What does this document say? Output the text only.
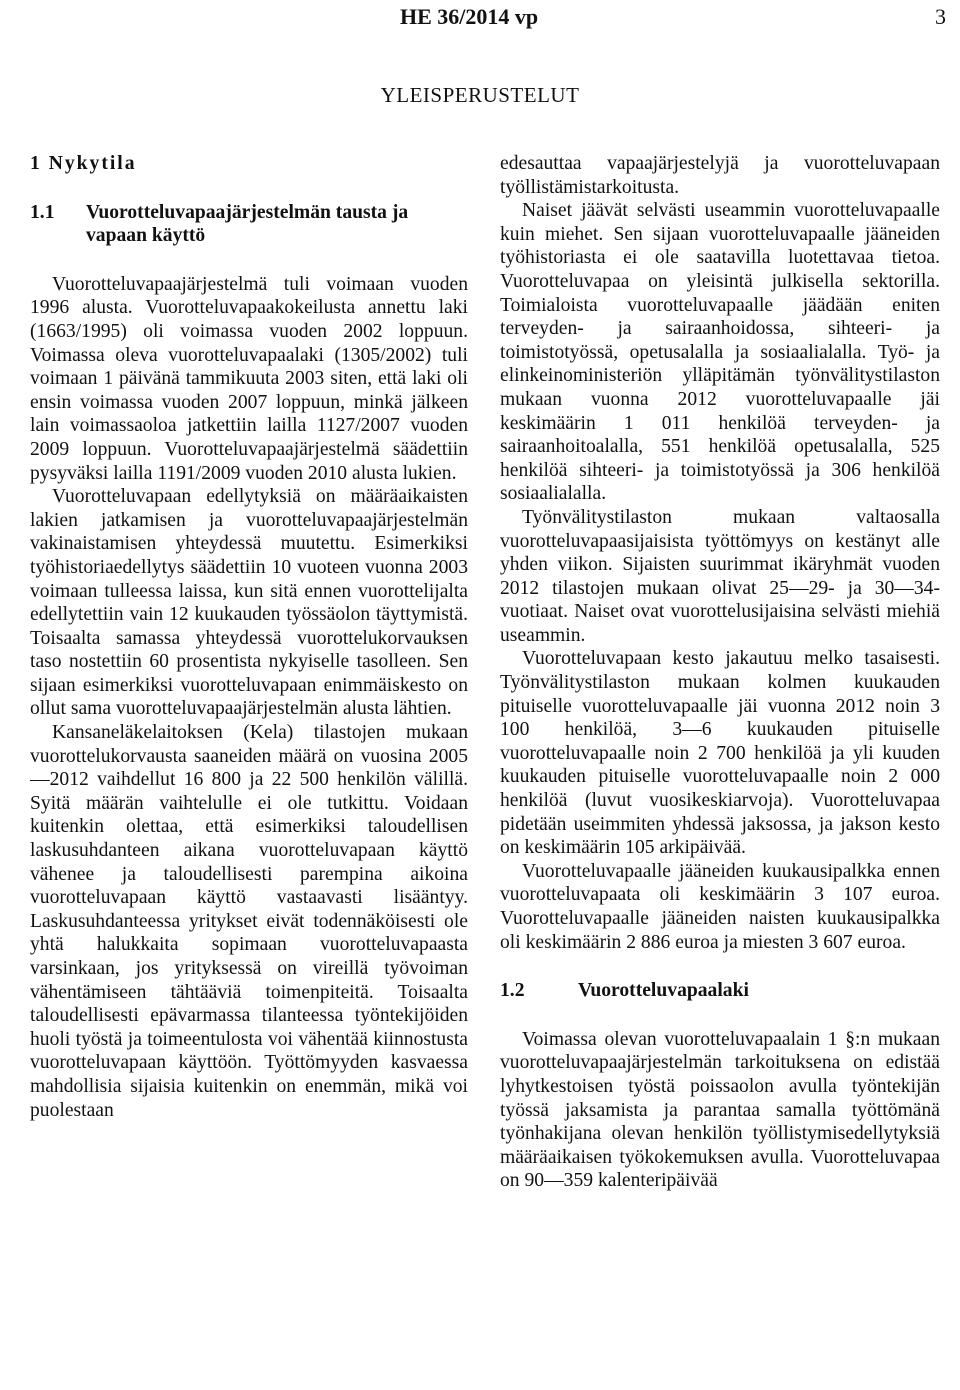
HE 36/2014 vp	3
YLEISPERUSTELUT

1 Nykytila

1.1	Vuorotteluvapaajärjestelmän tausta ja vapaan käyttö

Vuorotteluvapaajärjestelmä tuli voimaan vuoden 1996 alusta. Vuorotteluvapaakokeilusta annettu laki (1663/1995) oli voimassa vuoden 2002 loppuun. Voimassa oleva vuorotteluvapaalaki (1305/2002) tuli voimaan 1 päivänä tammikuuta 2003 siten, että laki oli ensin voimassa vuoden 2007 loppuun, minkä jälkeen lain voimassaoloa jatkettiin lailla 1127/2007 vuoden 2009 loppuun. Vuorotteluvapaajärjestelmä säädettiin pysyväksi lailla 1191/2009 vuoden 2010 alusta lukien.

Vuorotteluvapaan edellytyksiä on määräaikaisten lakien jatkamisen ja vuorotteluvapaajärjestelmän vakinaistamisen yhteydessä muutettu. Esimerkiksi työhistoriaedellytys säädettiin 10 vuoteen vuonna 2003 voimaan tulleessa laissa, kun sitä ennen vuorottelijalta edellytettiin vain 12 kuukauden työssäolon täyttymistä. Toisaalta samassa yhteydessä vuorottelukorvauksen taso nostettiin 60 prosentista nykyiselle tasolleen. Sen sijaan esimerkiksi vuorotteluvapaan enimmäiskesto on ollut sama vuorotteluvapaajärjestelmän alusta lähtien.

Kansaneläkelaitoksen (Kela) tilastojen mukaan vuorottelukorvausta saaneiden määrä on vuosina 2005—2012 vaihdellut 16 800 ja 22 500 henkilön välillä. Syitä määrän vaihtelulle ei ole tutkittu. Voidaan kuitenkin olettaa, että esimerkiksi taloudellisen laskusuhdanteen aikana vuorotteluvapaan käyttö vähenee ja taloudellisesti parempina aikoina vuorotteluvapaan käyttö vastaavasti lisääntyy. Laskusuhdanteessa yritykset eivät todennäköisesti ole yhtä halukkaita sopimaan vuorotteluvapaasta varsinkaan, jos yrityksessä on vireillä työvoiman vähentämiseen tähtääviä toimenpiteitä. Toisaalta taloudellisesti epävarmassa tilanteessa työntekijöiden huoli työstä ja toimeentulosta voi vähentää kiinnostusta vuorotteluvapaan käyttöön. Työttömyyden kasvaessa mahdollisia sijaisia kuitenkin on enemmän, mikä voi puolestaan

edesauttaa vapaajärjestelyjä ja vuorotteluvapaan työllistämistarkoitusta.

Naiset jäävät selvästi useammin vuorotteluvapaalle kuin miehet. Sen sijaan vuorotteluvapaalle jääneiden työhistoriasta ei ole saatavilla luotettavaa tietoa. Vuorotteluvapaa on yleisintä julkisella sektorilla. Toimialoista vuorotteluvapaalle jäädään eniten terveyden- ja sairaanhoidossa, sihteeri- ja toimistotyössä, opetusalalla ja sosiaalialalla. Työ- ja elinkeinoministeriön ylläpitämän työnvälitystilaston mukaan vuonna 2012 vuorotteluvapaalle jäi keskimäärin 1 011 henkilöä terveyden- ja sairaanhoitoalalla, 551 henkilöä opetusalalla, 525 henkilöä sihteeri- ja toimistotyössä ja 306 henkilöä sosiaalialalla.

Työnvälitystilaston mukaan valtaosalla vuorotteluvapaasijaisista työttömyys on kestänyt alle yhden viikon. Sijaisten suurimmat ikäryhmät vuoden 2012 tilastojen mukaan olivat 25—29- ja 30—34-vuotiaat. Naiset ovat vuorottelusijaisina selvästi miehiä useammin.

Vuorotteluvapaan kesto jakautuu melko tasaisesti. Työnvälitystilaston mukaan kolmen kuukauden pituiselle vuorotteluvapaalle jäi vuonna 2012 noin 3 100 henkilöä, 3—6 kuukauden pituiselle vuorotteluvapaalle noin 2 700 henkilöä ja yli kuuden kuukauden pituiselle vuorotteluvapaalle noin 2 000 henkilöä (luvut vuosikeskiarvoja). Vuorotteluvapaa pidetään useimmiten yhdessä jaksossa, ja jakson kesto on keskimäärin 105 arkipäivää.

Vuorotteluvapaalle jääneiden kuukausipalkka ennen vuorotteluvapaata oli keskimäärin 3 107 euroa. Vuorotteluvapaalle jääneiden naisten kuukausipalkka oli keskimäärin 2 886 euroa ja miesten 3 607 euroa.

1.2	Vuorotteluvapaalaki

Voimassa olevan vuorotteluvapaalain 1 §:n mukaan vuorotteluvapaajärjestelmän tarkoituksena on edistää lyhytkestoisen työstä poissaolon avulla työntekijän työssä jaksamista ja parantaa samalla työttömänä työnhakijana olevan henkilön työllistymisedellytyksiä määräaikaisen työkokemuksen avulla. Vuorotteluvapaa on 90—359 kalenteripäivää
